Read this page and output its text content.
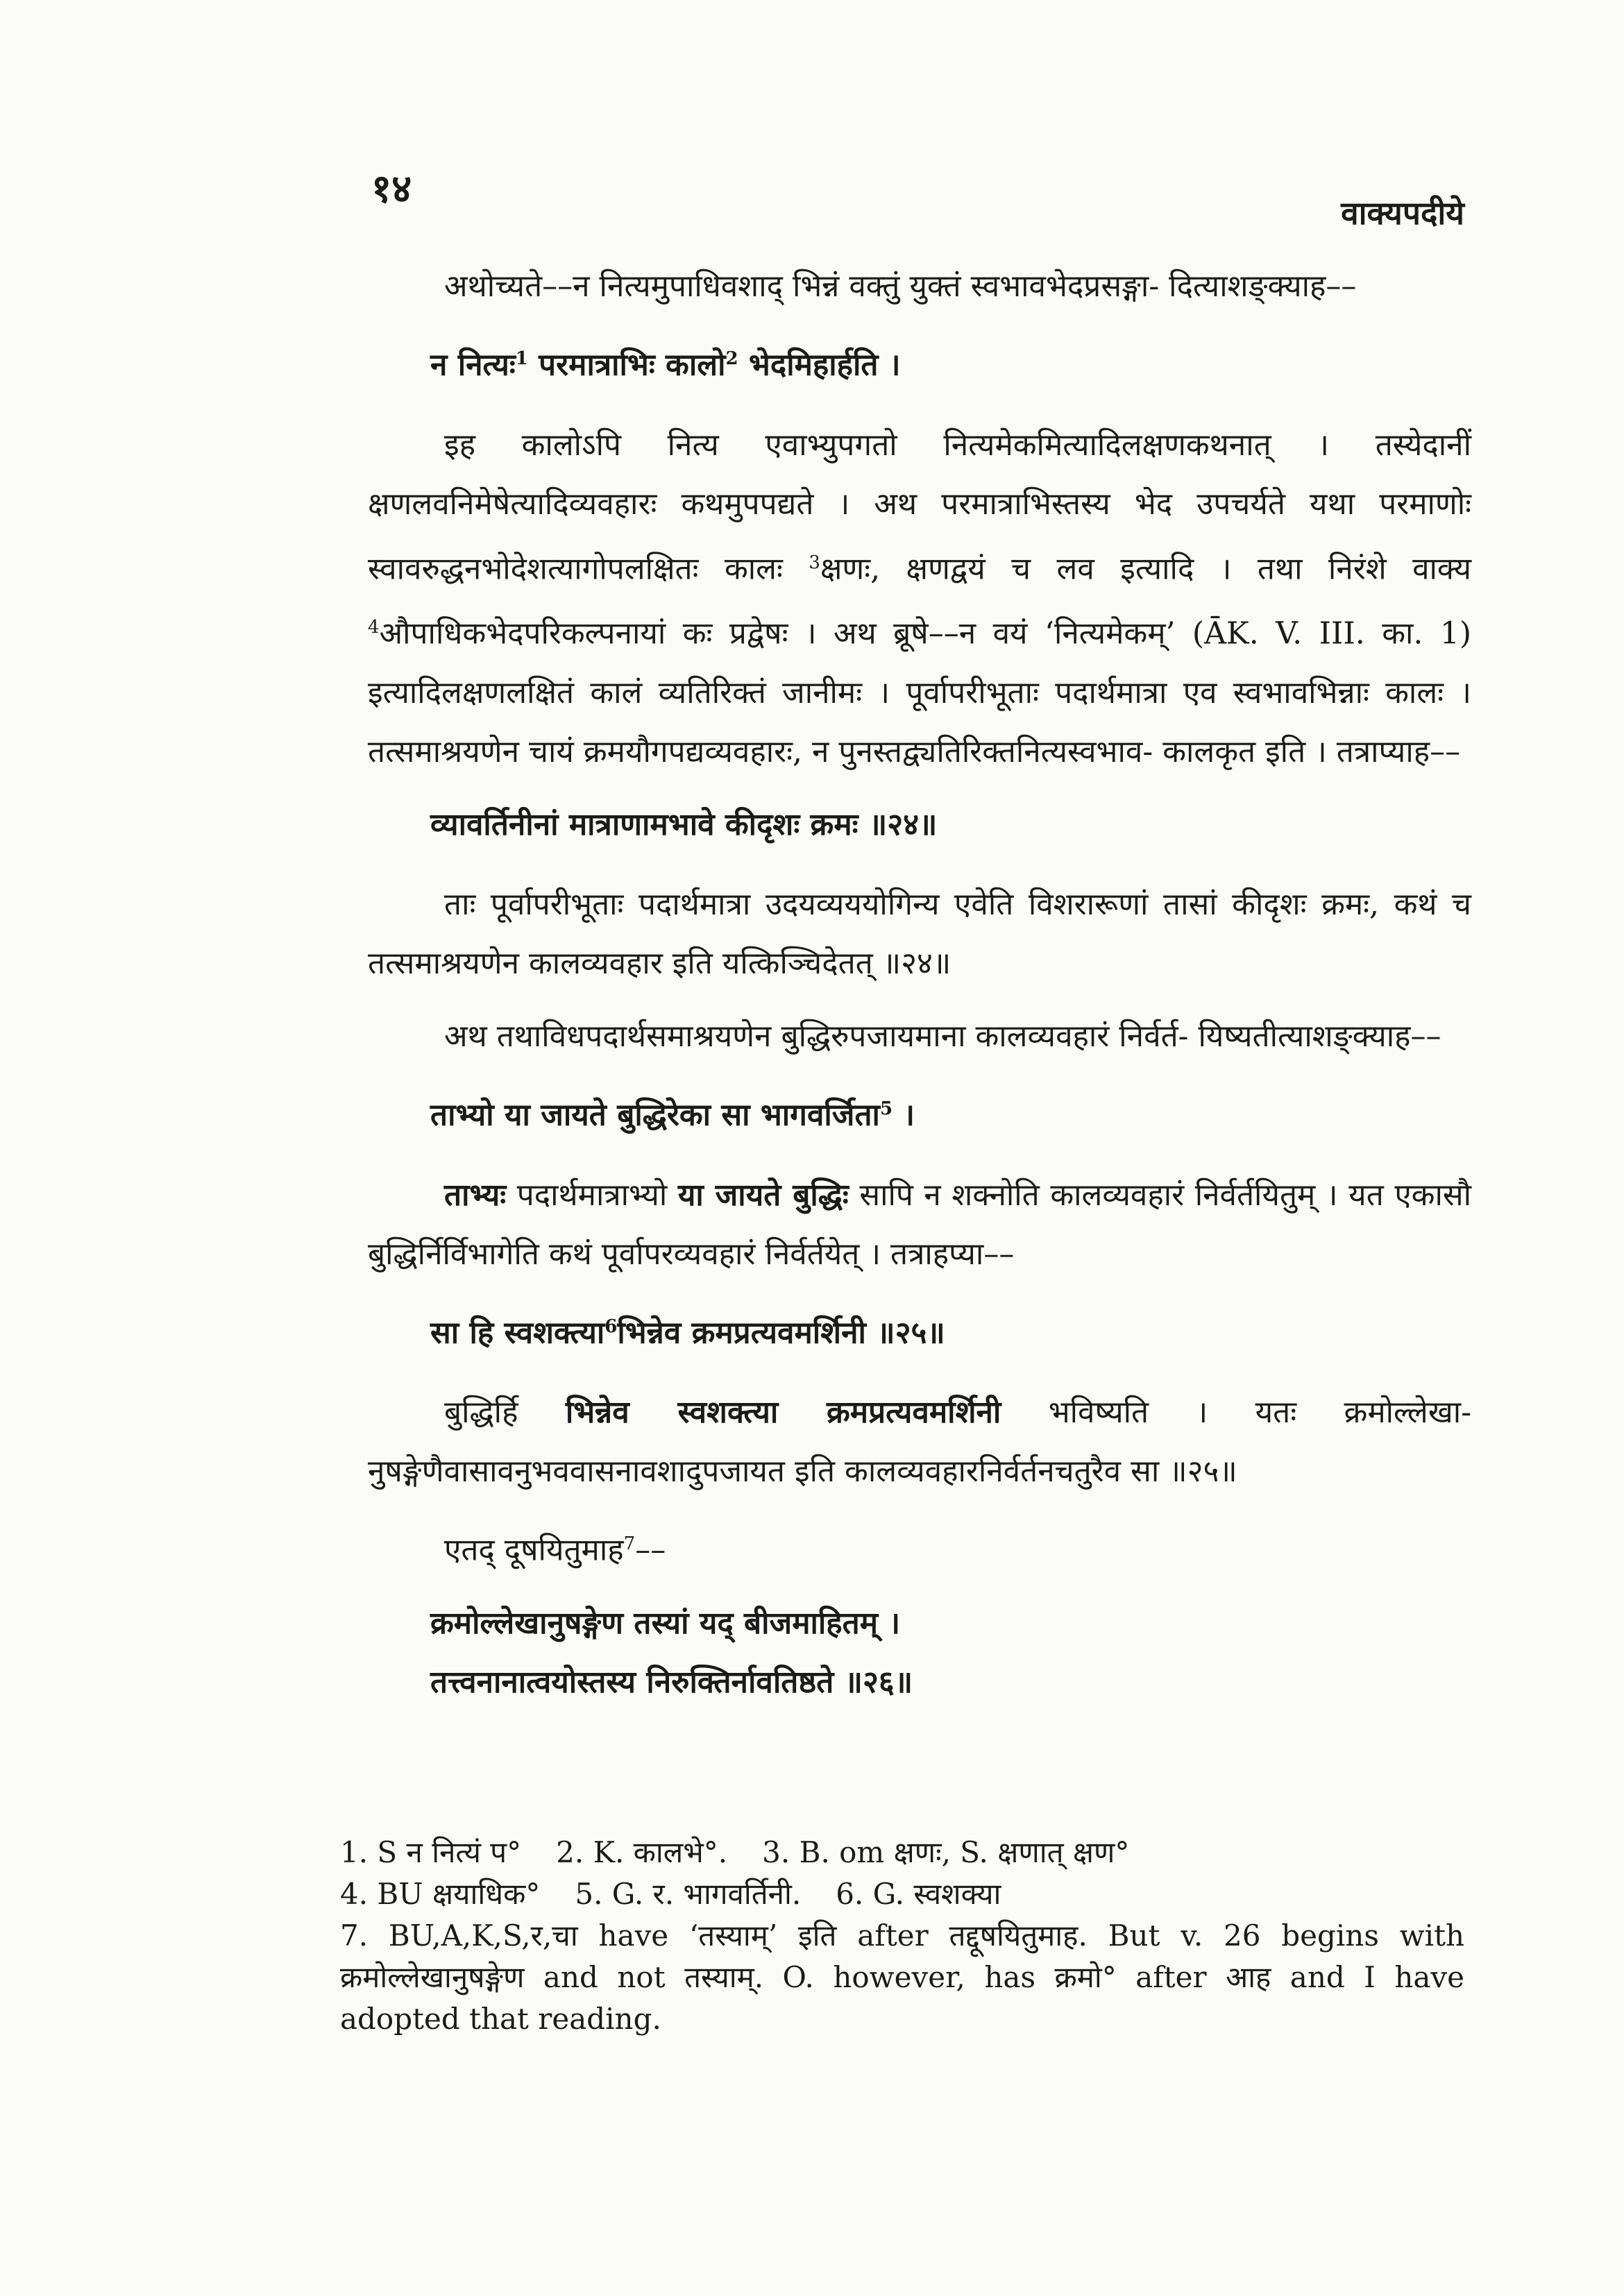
१४
वाक्यपदीये

अथोच्यते––न नित्यमुपाधिवशाद् भिन्नं वक्तुं युक्तं स्वभावभेदप्रसङ्गा- दित्याशङ्क्याह––

न नित्यः$^1$ परमात्राभिः कालो$^2$ भेदमिहार्हति ।

इह कालोऽपि नित्य एवाभ्युपगतो नित्यमेकमित्यादिलक्षणकथनात् । तस्येदानीं क्षणलवनिमेषेत्यादिव्यवहारः कथमुपपद्यते । अथ परमात्राभिस्तस्य भेद उपचर्यते यथा परमाणोः स्वावरुद्धनभोदेशत्यागोपलक्षितः कालः $^3$क्षणः, क्षणद्वयं च लव इत्यादि । तथा निरंशे वाक्य $^4$औपाधिकभेदपरिकल्पनायां कः प्रद्वेषः । अथ ब्रूषे––न वयं ‘नित्यमेकम्’ (ĀK. V. III. का. 1) इत्यादिलक्षणलक्षितं कालं व्यतिरिक्तं जानीमः । पूर्वापरीभूताः पदार्थमात्रा एव स्वभावभिन्नाः कालः । तत्समाश्रयणेन चायं क्रमयौगपद्यव्यवहारः, न पुनस्तद्व्यतिरिक्तनित्यस्वभाव- कालकृत इति । तत्राप्याह––

व्यावर्तिनीनां मात्राणामभावे कीदृशः क्रमः ॥२४॥

ताः पूर्वापरीभूताः पदार्थमात्रा उदयव्यययोगिन्य एवेति विशरारूणां तासां कीदृशः क्रमः, कथं च तत्समाश्रयणेन कालव्यवहार इति यत्किञ्चिदेतत् ॥२४॥

अथ तथाविधपदार्थसमाश्रयणेन बुद्धिरुपजायमाना कालव्यवहारं निर्वर्त- यिष्यतीत्याशङ्क्याह––

ताभ्यो या जायते बुद्धिरेका सा भागवर्जिता$^5$ ।

ताभ्यः पदार्थमात्राभ्यो या जायते बुद्धिः सापि न शक्नोति कालव्यवहारं निर्वर्तयितुम् । यत एकासौ बुद्धिर्निर्विभागेति कथं पूर्वापरव्यवहारं निर्वर्तयेत् । तत्राहप्या––

सा हि स्वशक्त्या$^6$भिन्नेव क्रमप्रत्यवमर्शिनी ॥२५॥

बुद्धिर्हि भिन्नेव स्वशक्त्या क्रमप्रत्यवमर्शिनी भविष्यति । यतः क्रमोल्लेखा- नुषङ्गेणैवासावनुभववासनावशादुपजायत इति कालव्यवहारनिर्वर्तनचतुरैव सा ॥२५॥

एतद् दूषयितुमाह$^7$––

क्रमोल्लेखानुषङ्गेण तस्यां यद् बीजमाहितम् ।
तत्त्वनानात्वयोस्तस्य निरुक्तिर्नावतिष्ठते ॥२६॥
1. S न नित्यं प° 2. K. कालभे°. 3. B. om क्षणः, S. क्षणात् क्षण°
4. BU क्षयाधिक° 5. G. र. भागवर्तिनी. 6. G. स्वशक्या

7. BU,A,K,S,र,चा have ‘तस्याम्’ इति after तद्दूषयितुमाह. But v. 26 begins with क्रमोल्लेखानुषङ्गेण and not तस्याम्. O. however, has क्रमो° after आह and I have adopted that reading.
